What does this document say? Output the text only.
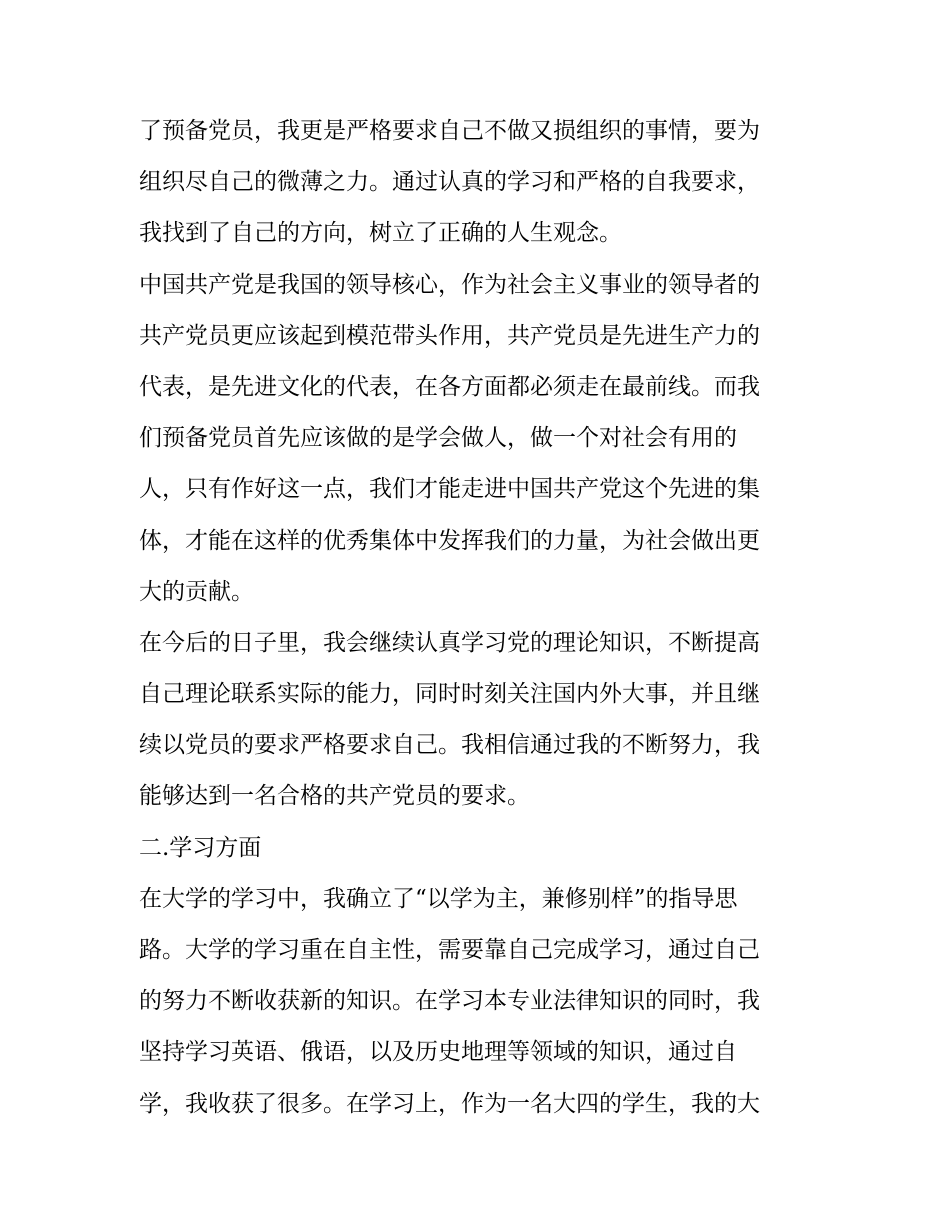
了预备党员，我更是严格要求自己不做又损组织的事情，要为
组织尽自己的微薄之力。通过认真的学习和严格的自我要求，
我找到了自己的方向，树立了正确的人生观念。
中国共产党是我国的领导核心，作为社会主义事业的领导者的
共产党员更应该起到模范带头作用，共产党员是先进生产力的
代表，是先进文化的代表，在各方面都必须走在最前线。而我
们预备党员首先应该做的是学会做人，做一个对社会有用的
人，只有作好这一点，我们才能走进中国共产党这个先进的集
体，才能在这样的优秀集体中发挥我们的力量，为社会做出更
大的贡献。
在今后的日子里，我会继续认真学习党的理论知识，不断提高
自己理论联系实际的能力，同时时刻关注国内外大事，并且继
续以党员的要求严格要求自己。我相信通过我的不断努力，我
能够达到一名合格的共产党员的要求。
二.学习方面
在大学的学习中，我确立了“以学为主，兼修别样”的指导思
路。大学的学习重在自主性，需要靠自己完成学习，通过自己
的努力不断收获新的知识。在学习本专业法律知识的同时，我
坚持学习英语、俄语，以及历史地理等领域的知识，通过自
学，我收获了很多。在学习上，作为一名大四的学生，我的大
